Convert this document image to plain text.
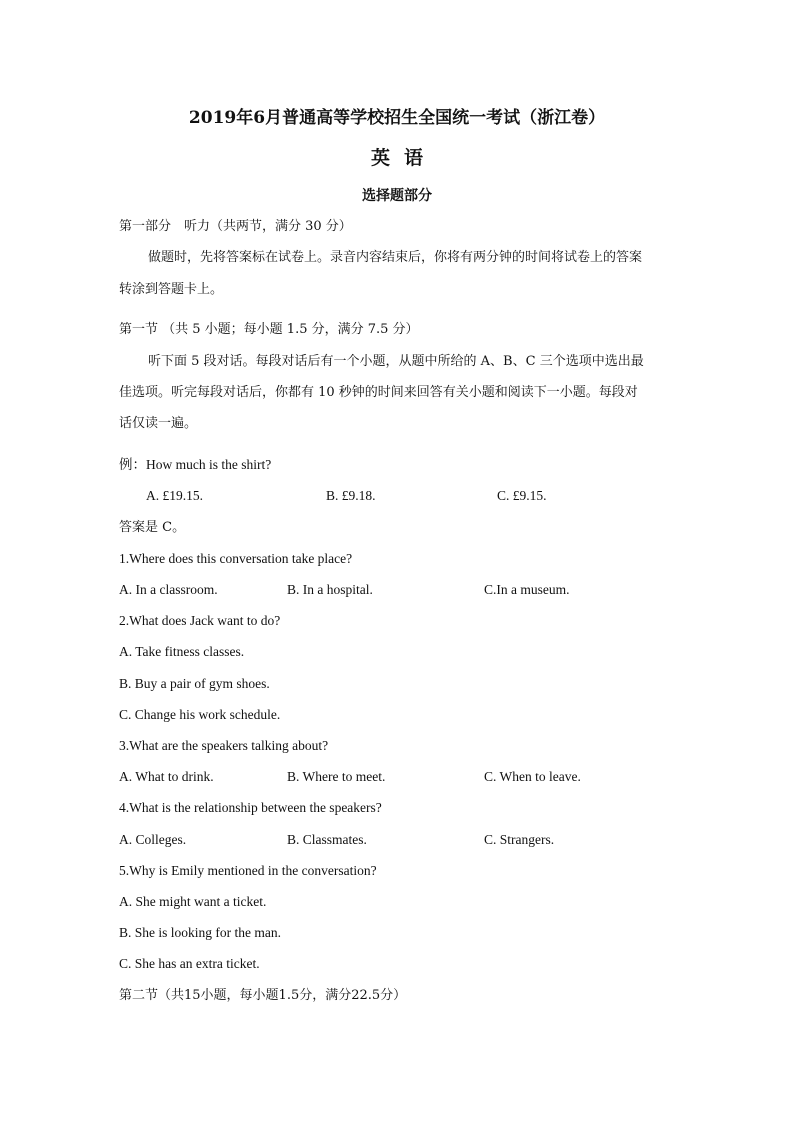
2019年6月普通高等学校招生全国统一考试（浙江卷）
英语
选择题部分
第一部分　听力（共两节，满分 30 分）
做题时，先将答案标在试卷上。录音内容结束后，你将有两分钟的时间将试卷上的答案
转涂到答题卡上。
第一节 （共 5 小题；每小题 1.5 分，满分 7.5 分）
听下面 5 段对话。每段对话后有一个小题，从题中所给的 A、B、C 三个选项中选出最
佳选项。听完每段对话后，你都有 10 秒钟的时间来回答有关小题和阅读下一小题。每段对
话仅读一遍。
例：How much is the shirt?
A. £19.15.	B. £9.18.	C. £9.15.
答案是 C。
1.Where does this conversation take place?
A. In a classroom.	B. In a hospital.	C.In a museum.
2.What does Jack want to do?
A. Take fitness classes.
B. Buy a pair of gym shoes.
C. Change his work schedule.
3.What are the speakers talking about?
A. What to drink.	B. Where to meet.	C. When to leave.
4.What is the relationship between the speakers?
A. Colleges.	B. Classmates.	C. Strangers.
5.Why is Emily mentioned in the conversation?
A. She might want a ticket.
B. She is looking for the man.
C. She has an extra ticket.
第二节（共15小题，每小题1.5分，满分22.5分）
